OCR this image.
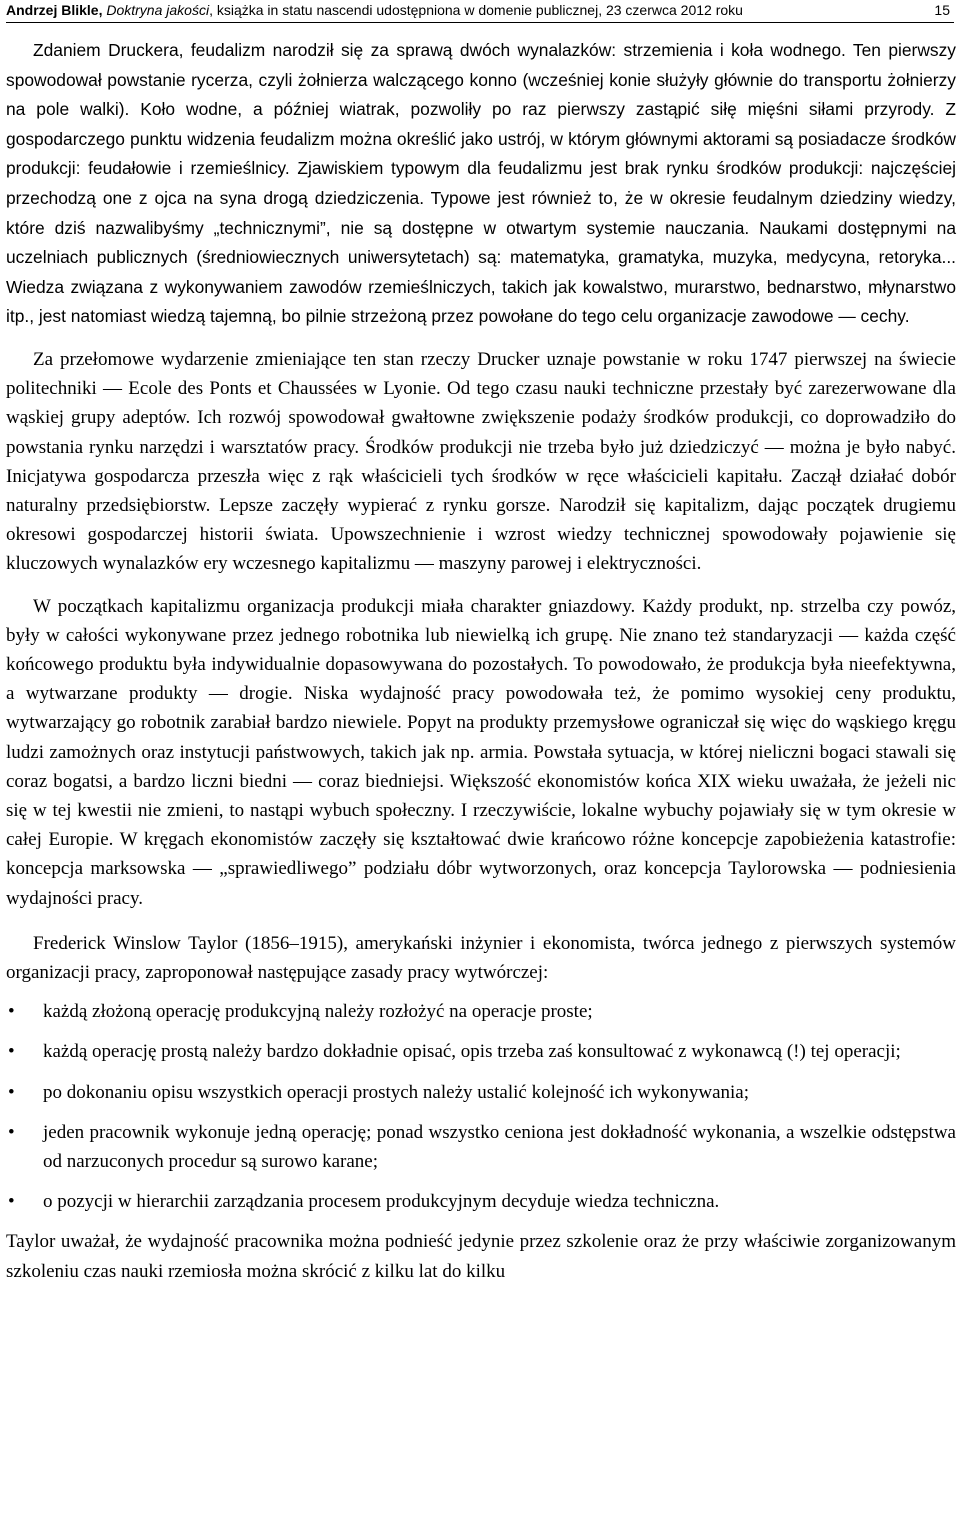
Andrzej Blikle, Doktryna jakości, książka in statu nascendi udostępniona w domenie publicznej, 23 czerwca 2012 roku	15

Zdaniem Druckera, feudalizm narodził się za sprawą dwóch wynalazków: strzemienia i koła wodnego. Ten pierwszy spowodował powstanie rycerza, czyli żołnierza walczącego konno (wcześniej konie służyły głównie do transportu żołnierzy na pole walki). Koło wodne, a później wiatrak, pozwoliły po raz pierwszy zastąpić siłę mięśni siłami przyrody. Z gospodarczego punktu widzenia feudalizm można określić jako ustrój, w którym głównymi aktorami są posiadacze środków produkcji: feudałowie i rzemieślnicy. Zjawiskiem typowym dla feudalizmu jest brak rynku środków produkcji: najczęściej przechodzą one z ojca na syna drogą dziedziczenia. Typowe jest również to, że w okresie feudalnym dziedziny wiedzy, które dziś nazwalibyśmy „technicznymi”, nie są dostępne w otwartym systemie nauczania. Naukami dostępnymi na uczelniach publicznych (średniowiecznych uniwersytetach) są: matematyka, gramatyka, muzyka, medycyna, retoryka... Wiedza związana z wykonywaniem zawodów rzemieślniczych, takich jak kowalstwo, murarstwo, bednarstwo, młynarstwo itp., jest natomiast wiedzą tajemną, bo pilnie strzeżoną przez powołane do tego celu organizacje zawodowe — cechy.

Za przełomowe wydarzenie zmieniające ten stan rzeczy Drucker uznaje powstanie w roku 1747 pierwszej na świecie politechniki — Ecole des Ponts et Chaussées w Lyonie. Od tego czasu nauki techniczne przestały być zarezerwowane dla wąskiej grupy adeptów. Ich rozwój spowodował gwałtowne zwiększenie podaży środków produkcji, co doprowadziło do powstania rynku narzędzi i warsztatów pracy. Środków produkcji nie trzeba było już dziedziczyć — można je było nabyć. Inicjatywa gospodarcza przeszła więc z rąk właścicieli tych środków w ręce właścicieli kapitału. Zaczął działać dobór naturalny przedsiębiorstw. Lepsze zaczęły wypierać z rynku gorsze. Narodził się kapitalizm, dając początek drugiemu okresowi gospodarczej historii świata. Upowszechnienie i wzrost wiedzy technicznej spowodowały pojawienie się kluczowych wynalazków ery wczesnego kapitalizmu — maszyny parowej i elektryczności.

W początkach kapitalizmu organizacja produkcji miała charakter gniazdowy. Każdy produkt, np. strzelba czy powóz, były w całości wykonywane przez jednego robotnika lub niewielką ich grupę. Nie znano też standaryzacji — każda część końcowego produktu była indywidualnie dopasowywana do pozostałych. To powodowało, że produkcja była nieefektywna, a wytwarzane produkty — drogie. Niska wydajność pracy powodowała też, że pomimo wysokiej ceny produktu, wytwarzający go robotnik zarabiał bardzo niewiele. Popyt na produkty przemysłowe ograniczał się więc do wąskiego kręgu ludzi zamożnych oraz instytucji państwowych, takich jak np. armia. Powstała sytuacja, w której nieliczni bogaci stawali się coraz bogatsi, a bardzo liczni biedni — coraz biedniejsi. Większość ekonomistów końca XIX wieku uważała, że jeżeli nic się w tej kwestii nie zmieni, to nastąpi wybuch społeczny. I rzeczywiście, lokalne wybuchy pojawiały się w tym okresie w całej Europie. W kręgach ekonomistów zaczęły się kształtować dwie krańcowo różne koncepcje zapobieżenia katastrofie: koncepcja marksowska — „sprawiedliwego” podziału dóbr wytworzonych, oraz koncepcja Taylorowska — podniesienia wydajności pracy.

Frederick Winslow Taylor (1856–1915), amerykański inżynier i ekonomista, twórca jednego z pierwszych systemów organizacji pracy, zaproponował następujące zasady pracy wytwórczej:

• każdą złożoną operację produkcyjną należy rozłożyć na operacje proste;
• każdą operację prostą należy bardzo dokładnie opisać, opis trzeba zaś konsultować z wykonawcą (!) tej operacji;
• po dokonaniu opisu wszystkich operacji prostych należy ustalić kolejność ich wykonywania;
• jeden pracownik wykonuje jedną operację; ponad wszystko ceniona jest dokładność wykonania, a wszelkie odstępstwa od narzuconych procedur są surowo karane;
• o pozycji w hierarchii zarządzania procesem produkcyjnym decyduje wiedza techniczna.

Taylor uważał, że wydajność pracownika można podnieść jedynie przez szkolenie oraz że przy właściwie zorganizowanym szkoleniu czas nauki rzemiosła można skrócić z kilku lat do kilku
